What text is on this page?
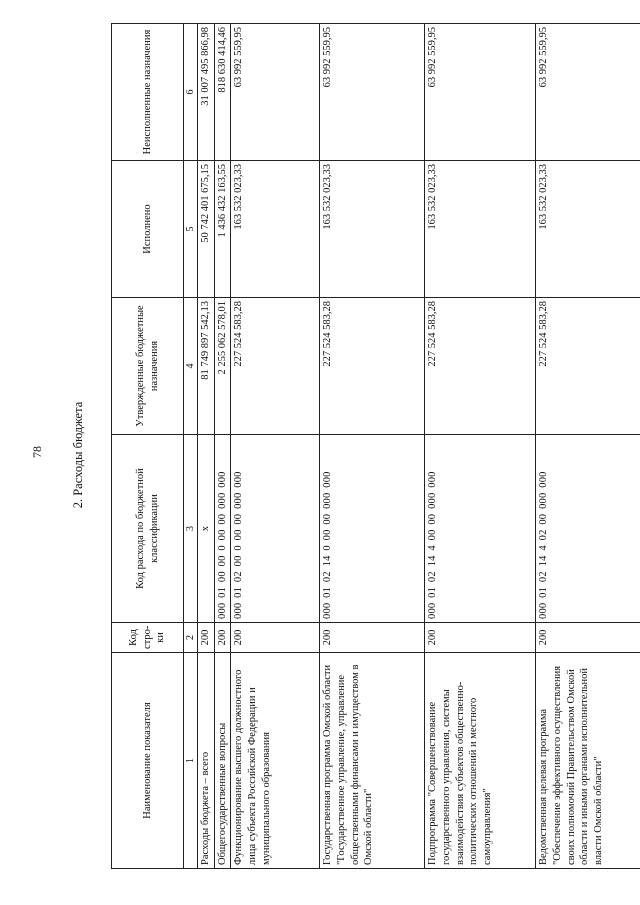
78 2. Расходы бюджета
Наименование показателя	Код стро-ки	Код расхода по бюджетной классификации	Утвержденные бюджетные назначения	Исполнено	Неисполненные назначения
1	2	3	4	5	6
Расходы бюджета – всего	200	x	81 749 897 542,13	50 742 401 675,15	31 007 495 866,98
Общегосударственные вопросы	200	000 01 00 00 0 00 00 000 000	2 255 062 578,01	1 436 432 163,55	818 630 414,46
Функционирование высшего должностного лица субъекта Российской Федерации и муниципального образования	200	000 01 02 00 0 00 00 000 000	227 524 583,28	163 532 023,33	63 992 559,95
Государственная программа Омской области "Государственное управление, управление общественными финансами и имуществом в Омской области"	200	000 01 02 14 0 00 00 000 000	227 524 583,28	163 532 023,33	63 992 559,95
Подпрограмма "Совершенствование государственного управления, системы взаимодействия субъектов общественно-политических отношений и местного самоуправления"	200	000 01 02 14 4 00 00 000 000	227 524 583,28	163 532 023,33	63 992 559,95
Ведомственная целевая программа "Обеспечение эффективного осуществления своих полномочий Правительством Омской области и иными органами исполнительной власти Омской области"	200	000 01 02 14 4 02 00 000 000	227 524 583,28	163 532 023,33	63 992 559,95
